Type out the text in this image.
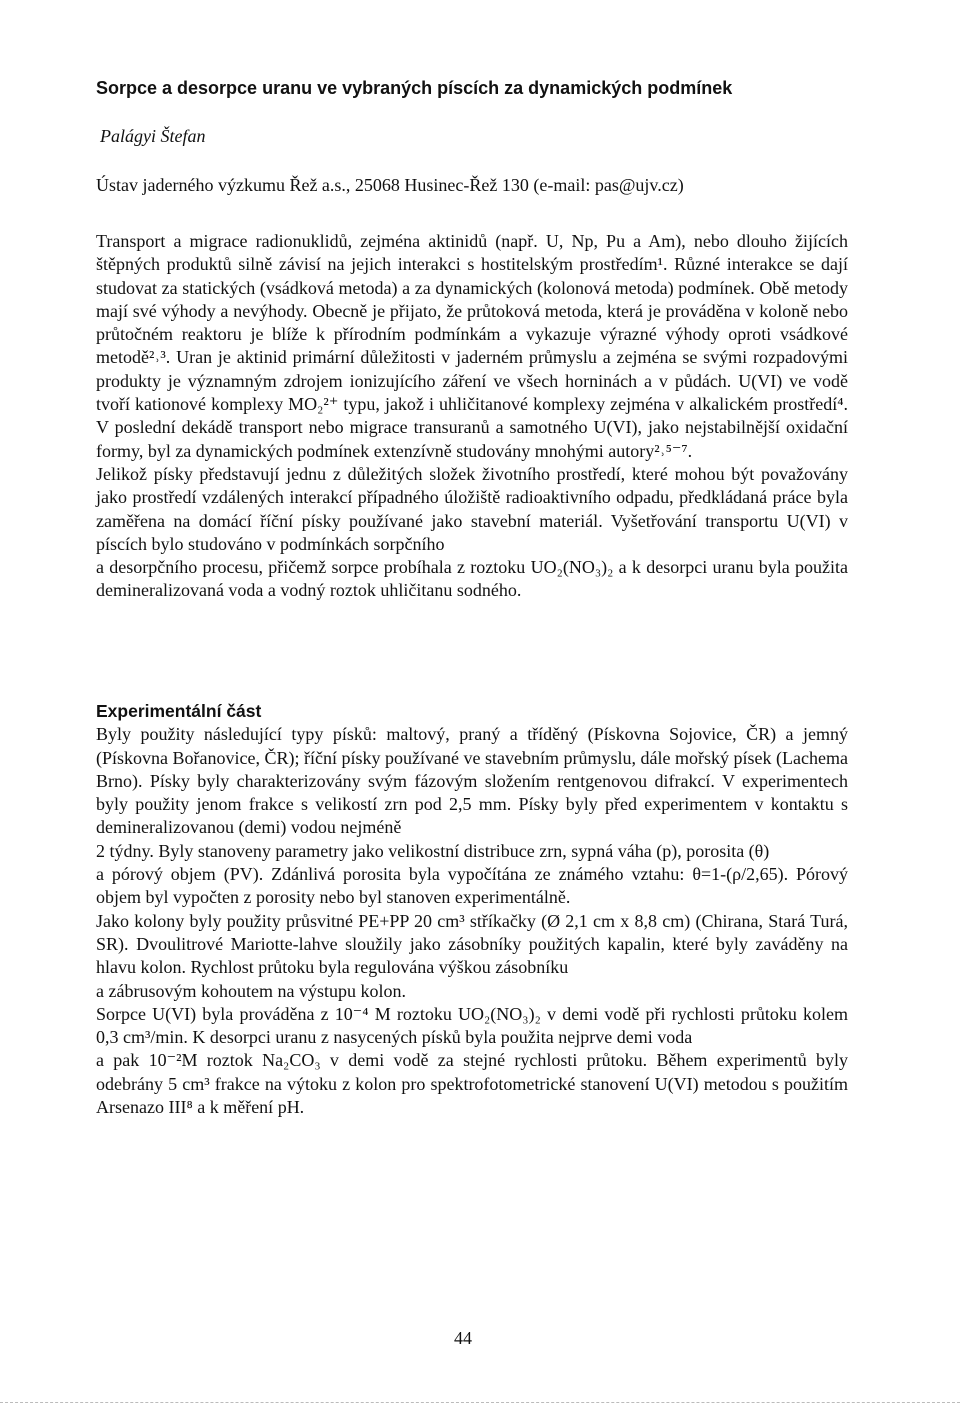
Sorpce a desorpce uranu ve vybraných píscích za dynamických podmínek
Palágyi Štefan
Ústav jaderného výzkumu Řež a.s., 25068 Husinec-Řež 130 (e-mail: pas@ujv.cz)

Transport a migrace radionuklidů, zejména aktinidů (např. U, Np, Pu a Am), nebo dlouho žijících štěpných produktů silně závisí na jejich interakci s hostitelským prostředím¹. Různé interakce se dají studovat za statických (vsádková metoda) a za dynamických (kolonová metoda) podmínek. Obě metody mají své výhody a nevýhody. Obecně je přijato, že průtoková metoda, která je prováděna v koloně nebo průtočném reaktoru je blíže k přírodním podmínkám a vykazuje výrazné výhody oproti vsádkové metodě²˒³. Uran je aktinid primární důležitosti v jaderném průmyslu a zejména se svými rozpadovými produkty je významným zdrojem ionizujícího záření ve všech horninách a v půdách. U(VI) ve vodě tvoří kationové komplexy MO₂²⁺ typu, jakož i uhličitanové komplexy zejména v alkalickém prostředí⁴. V poslední dekádě transport nebo migrace transuranů a samotného U(VI), jako nejstabilnější oxidační formy, byl za dynamických podmínek extenzívně studovány mnohými autory²˒⁵⁻⁷.

Jelikož písky představují jednu z důležitých složek životního prostředí, které mohou být považovány jako prostředí vzdálených interakcí případného úložiště radioaktivního odpadu, předkládaná práce byla zaměřena na domácí říční písky používané jako stavební materiál. Vyšetřování transportu U(VI) v píscích bylo studováno v podmínkách sorpčního

a desorpčního procesu, přičemž sorpce probíhala z roztoku UO₂(NO₃)₂ a k desorpci uranu byla použita demineralizovaná voda a vodný roztok uhličitanu sodného.

Experimentální část

Byly použity následující typy písků: maltový, praný a tříděný (Pískovna Sojovice, ČR) a jemný (Pískovna Bořanovice, ČR); říční písky používané ve stavebním průmyslu, dále mořský písek (Lachema Brno). Písky byly charakterizovány svým fázovým složením rentgenovou difrakcí. V experimentech byly použity jenom frakce s velikostí zrn pod 2,5 mm. Písky byly před experimentem v kontaktu s demineralizovanou (demi) vodou nejméně

2 týdny. Byly stanoveny parametry jako velikostní distribuce zrn, sypná váha (p), porosita (θ)

a pórový objem (PV). Zdánlivá porosita byla vypočítána ze známého vztahu: θ=1-(ρ/2,65). Pórový objem byl vypočten z porosity nebo byl stanoven experimentálně.

Jako kolony byly použity průsvitné PE+PP 20 cm³ stříkačky (Ø 2,1 cm x 8,8 cm) (Chirana, Stará Turá, SR). Dvoulitrové Mariotte-lahve sloužily jako zásobníky použitých kapalin, které byly zaváděny na hlavu kolon. Rychlost průtoku byla regulována výškou zásobníku

a zábrusovým kohoutem na výstupu kolon.

Sorpce U(VI) byla prováděna z 10⁻⁴ M roztoku UO₂(NO₃)₂ v demi vodě při rychlosti průtoku kolem 0,3 cm³/min. K desorpci uranu z nasycených písků byla použita nejprve demi voda

a pak 10⁻²M roztok Na₂CO₃ v demi vodě za stejné rychlosti průtoku. Během experimentů byly odebrány 5 cm³ frakce na výtoku z kolon pro spektrofotometrické stanovení U(VI) metodou s použitím Arsenazo III⁸ a k měření pH.

44
